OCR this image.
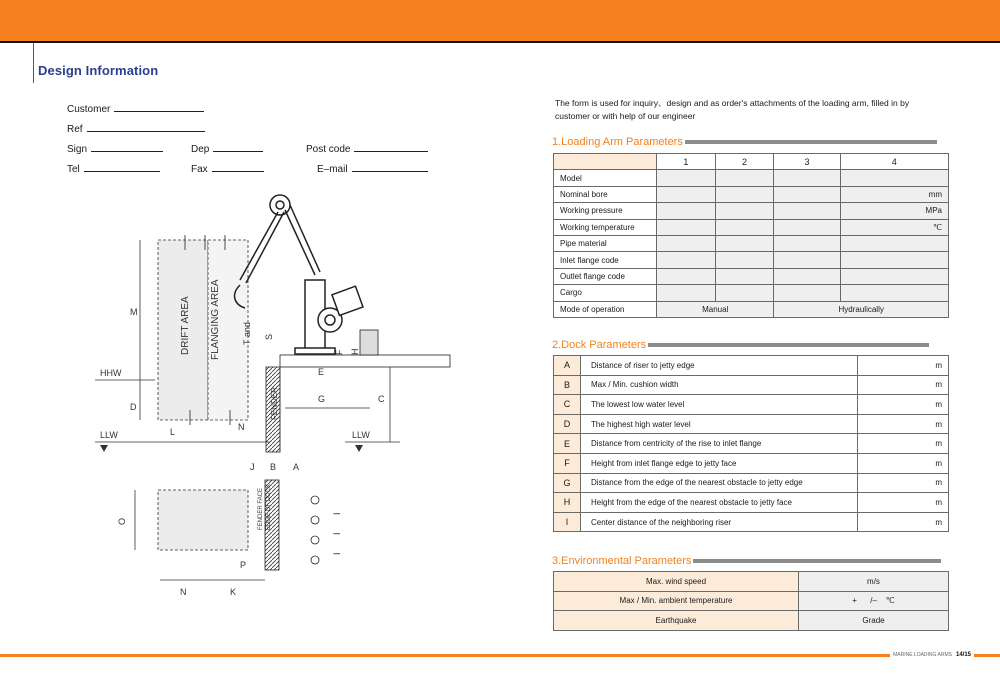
Design Information
Customer
Ref
Sign	Dep	Post code
Tel	Fax	E–mail
DRIFT AREA FLANGING AREA
M
D
HHW
LLW	L	N
T and S
F H
FENDER
E
G	C
LLW
J B A
FENDER FACE EDGE OF DOCK
O
I
I
I
P
N	K
The form is used for inquiry、design and as order's attachments of the loading arm, filled in by customer or with help of our engineer
1.Loading Arm Parameters
	1	2	3	4
Model				
Nominal bore				mm
Working pressure				MPa
Working temperature				℃
Pipe material				
Inlet flange code				
Outlet flange code				
Cargo				
Mode of operation	Manual		Hydraulically	
2.Dock Parameters
A	Distance of riser to jetty edge	m
B	Max / Min. cushion width	m
C	The lowest low water level	m
D	The highest high water level	m
E	Distance from centricity of the rise to inlet flange	m
F	Height from inlet flange edge to jetty face	m
G	Distance from the edge of the nearest obstacle to jetty edge	m
H	Height from the edge of the nearest obstacle to jetty face	m
I	Center distance of the neighboring riser	m
3.Environmental Parameters
Max. wind speed	m/s
Max / Min. ambient temperature	+      /–    ℃
Earthquake	Grade
MARINE LOADING ARMS 14/15
